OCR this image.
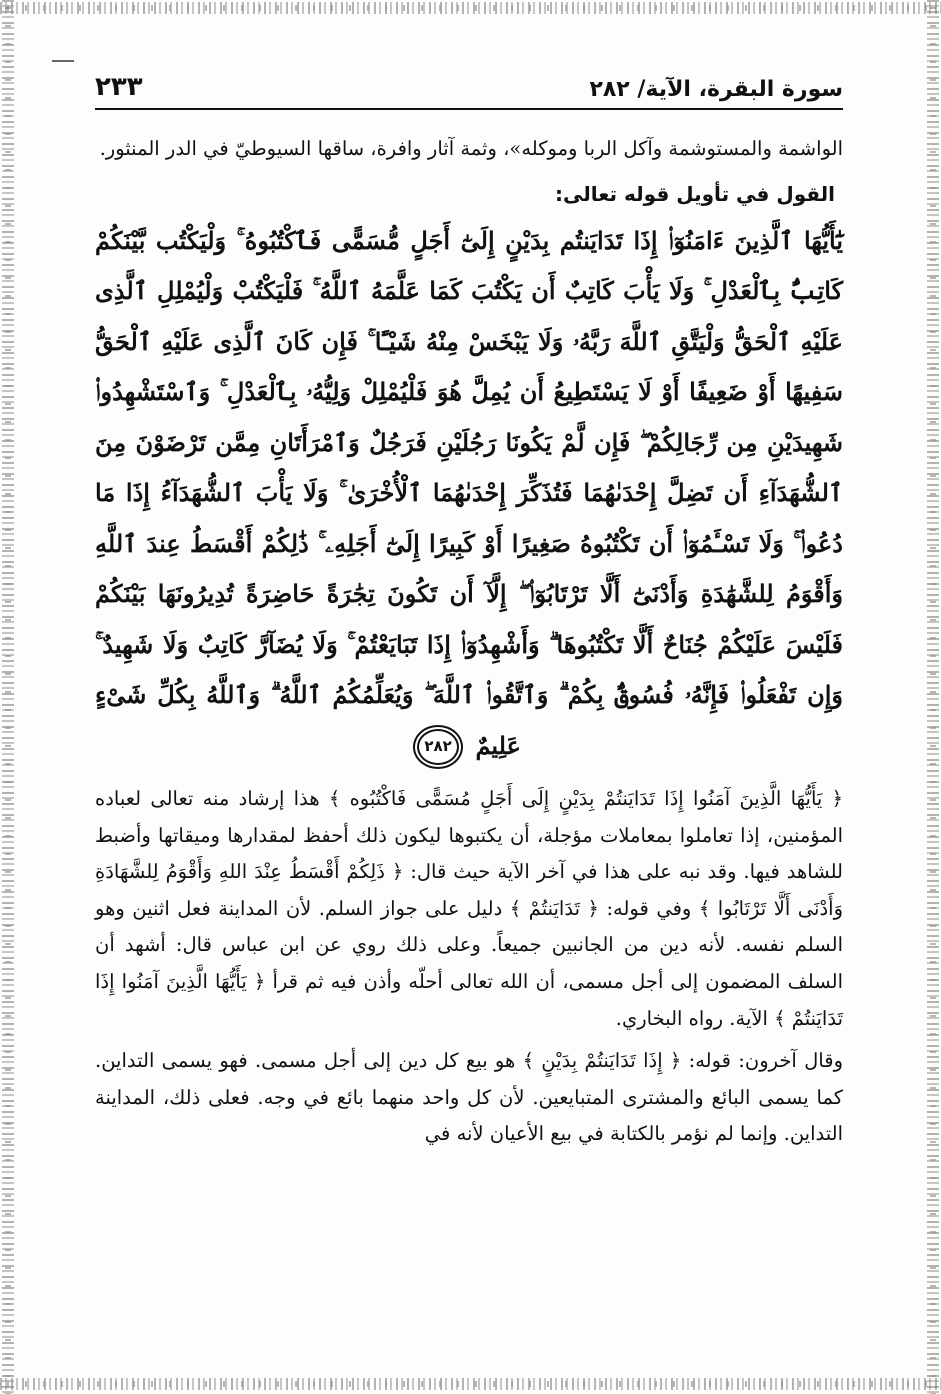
٢٣٣	سورة البقرة، الآية/ ٢٨٢

الواشمة والمستوشمة وآكل الربا وموكله»، وثمة آثار وافرة، ساقها السيوطيّ في الدر المنثور.

القول في تأويل قوله تعالى:

يَٰٓأَيُّهَا ٱلَّذِينَ ءَامَنُوٓا۟ إِذَا تَدَايَنتُم بِدَيْنٍ إِلَىٰٓ أَجَلٍ مُّسَمًّى فَٱكْتُبُوهُ ۚ وَلْيَكْتُب بَّيْنَكُمْ كَاتِبٌۢ بِٱلْعَدْلِ ۚ وَلَا يَأْبَ كَاتِبٌ أَن يَكْتُبَ كَمَا عَلَّمَهُ ٱللَّهُ ۚ فَلْيَكْتُبْ وَلْيُمْلِلِ ٱلَّذِى عَلَيْهِ ٱلْحَقُّ وَلْيَتَّقِ ٱللَّهَ رَبَّهُۥ وَلَا يَبْخَسْ مِنْهُ شَيْـًٔا ۚ فَإِن كَانَ ٱلَّذِى عَلَيْهِ ٱلْحَقُّ سَفِيهًا أَوْ ضَعِيفًا أَوْ لَا يَسْتَطِيعُ أَن يُمِلَّ هُوَ فَلْيُمْلِلْ وَلِيُّهُۥ بِٱلْعَدْلِ ۚ وَٱسْتَشْهِدُوا۟ شَهِيدَيْنِ مِن رِّجَالِكُمْ ۖ فَإِن لَّمْ يَكُونَا رَجُلَيْنِ فَرَجُلٌ وَٱمْرَأَتَانِ مِمَّن تَرْضَوْنَ مِنَ ٱلشُّهَدَآءِ أَن تَضِلَّ إِحْدَىٰهُمَا فَتُذَكِّرَ إِحْدَىٰهُمَا ٱلْأُخْرَىٰ ۚ وَلَا يَأْبَ ٱلشُّهَدَآءُ إِذَا مَا دُعُوا۟ ۚ وَلَا تَسْـَٔمُوٓا۟ أَن تَكْتُبُوهُ صَغِيرًا أَوْ كَبِيرًا إِلَىٰٓ أَجَلِهِۦ ۚ ذَٰلِكُمْ أَقْسَطُ عِندَ ٱللَّهِ وَأَقْوَمُ لِلشَّهَٰدَةِ وَأَدْنَىٰٓ أَلَّا تَرْتَابُوٓا۟ ۖ إِلَّآ أَن تَكُونَ تِجَٰرَةً حَاضِرَةً تُدِيرُونَهَا بَيْنَكُمْ فَلَيْسَ عَلَيْكُمْ جُنَاحٌ أَلَّا تَكْتُبُوهَا ۗ وَأَشْهِدُوٓا۟ إِذَا تَبَايَعْتُمْ ۚ وَلَا يُضَآرَّ كَاتِبٌ وَلَا شَهِيدٌ ۚ وَإِن تَفْعَلُوا۟ فَإِنَّهُۥ فُسُوقٌۢ بِكُمْ ۗ وَٱتَّقُوا۟ ٱللَّهَ ۖ وَيُعَلِّمُكُمُ ٱللَّهُ ۗ وَٱللَّهُ بِكُلِّ شَىْءٍ عَلِيمٌ ٢٨٢

﴿ يَأَيُّهَا الَّذِينَ آمَنُوا إِذَا تَدَايَنتُمْ بِدَيْنٍ إِلَى أَجَلٍ مُسَمًّى فَاكْتُبُوه ﴾ هذا إرشاد منه تعالى لعباده المؤمنين، إذا تعاملوا بمعاملات مؤجلة، أن يكتبوها ليكون ذلك أحفظ لمقدارها وميقاتها وأضبط للشاهد فيها. وقد نبه على هذا في آخر الآية حيث قال: ﴿ ذَلِكُمْ أَقْسَطُ عِنْدَ اللهِ وَأَقْوَمُ لِلشَّهَادَةِ وَأَدْنَى أَلَّا تَرْتَابُوا ﴾ وفي قوله: ﴿ تَدَايَنتُمْ ﴾ دليل على جواز السلم. لأن المداينة فعل اثنين وهو السلم نفسه. لأنه دين من الجانبين جميعاً. وعلى ذلك روي عن ابن عباس قال: أشهد أن السلف المضمون إلى أجل مسمى، أن الله تعالى أحلّه وأذن فيه ثم قرأ ﴿ يَأَيُّهَا الَّذِينَ آمَنُوا إِذَا تَدَايَنتُمْ ﴾ الآية. رواه البخاري.

وقال آخرون: قوله: ﴿ إِذَا تَدَايَنتُمْ بِدَيْنٍ ﴾ هو بيع كل دين إلى أجل مسمى. فهو يسمى التداين. كما يسمى البائع والمشترى المتبايعين. لأن كل واحد منهما بائع في وجه. فعلى ذلك، المداينة التداين. وإنما لم نؤمر بالكتابة في بيع الأعيان لأنه في
